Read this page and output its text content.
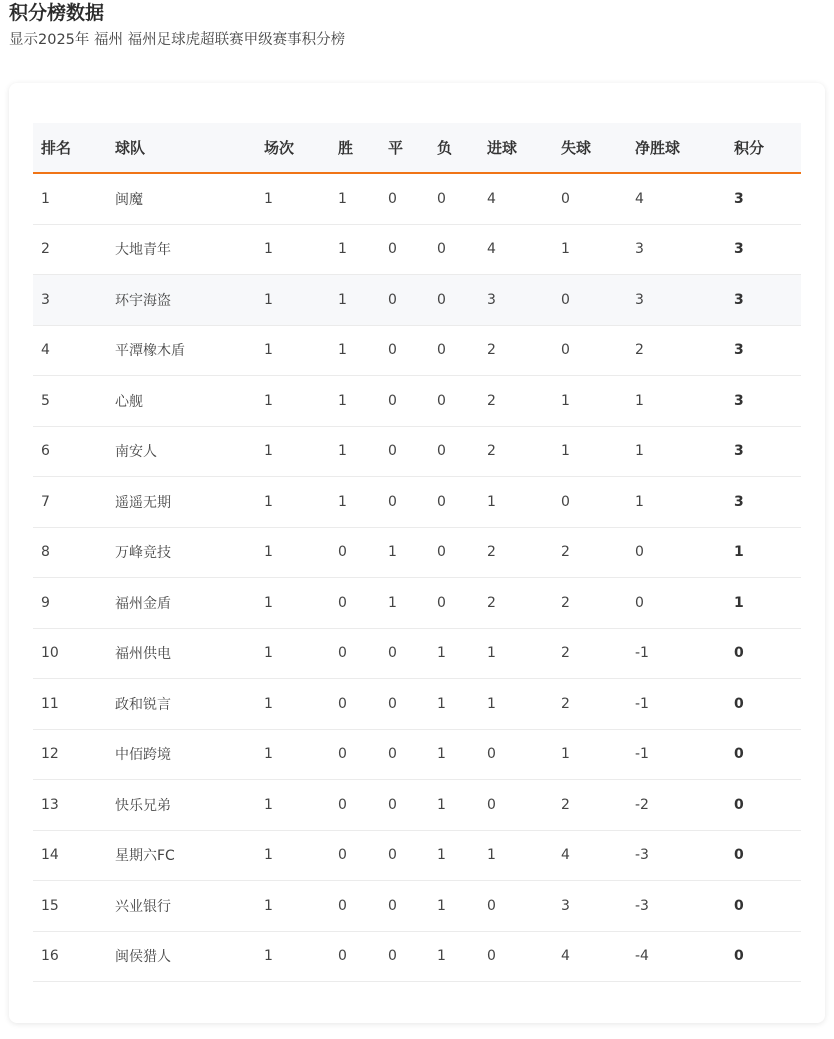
积分榜数据
显示2025年 福州 福州足球虎超联赛甲级赛事积分榜
排名	球队	场次	胜	平	负	进球	失球	净胜球	积分
1	闽魔	1	1	0	0	4	0	4	3
2	大地青年	1	1	0	0	4	1	3	3
3	环宇海盗	1	1	0	0	3	0	3	3
4	平潭橡木盾	1	1	0	0	2	0	2	3
5	心舰	1	1	0	0	2	1	1	3
6	南安人	1	1	0	0	2	1	1	3
7	遥遥无期	1	1	0	0	1	0	1	3
8	万峰竞技	1	0	1	0	2	2	0	1
9	福州金盾	1	0	1	0	2	2	0	1
10	福州供电	1	0	0	1	1	2	-1	0
11	政和锐言	1	0	0	1	1	2	-1	0
12	中佰跨境	1	0	0	1	0	1	-1	0
13	快乐兄弟	1	0	0	1	0	2	-2	0
14	星期六FC	1	0	0	1	1	4	-3	0
15	兴业银行	1	0	0	1	0	3	-3	0
16	闽侯猎人	1	0	0	1	0	4	-4	0
